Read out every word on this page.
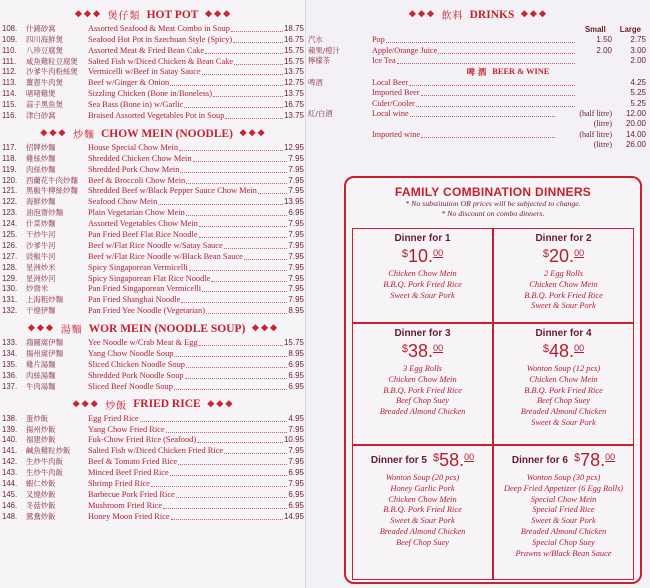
❖❖❖ 煲仔類 HOT POT ❖❖❖
108.	什錦砂窩	Assorted Seafood & Meat Combo in Soup	18.75
109.	四川海鮮煲	Seafood Hot Pot in Szechuan Style (Spicy)	16.75
110.	八珍豆腐煲	Assorted Meat & Fried Bean Cake	15.75
111.	咸魚雞粒豆腐煲	Salted Fish w/Diced Chicken & Bean Cake	15.75
112.	沙爹牛肉粉絲煲	Vermicelli w/Beef in Satay Sauce	13.75
113.	薑蔥牛肉煲	Beef w/Ginger & Onion	12.75
114.	啫啫雞煲	Sizzling Chicken (Bone in/Boneless)	13.75
115.	蒜子黑魚煲	Sea Bass (Bone in) w/Garlic	16.75
116.	津白砂窩	Braised Assorted Vegetables Pot in Soup	13.75
❖❖❖ 炒麵 CHOW MEIN (NOODLE) ❖❖❖
117.	招牌炒麵	House Special Chow Mein	12.95
118.	雞絲炒麵	Shredded Chicken Chow Mein	7.95
119.	肉絲炒麵	Shredded Pork Chow Mein	7.95
120.	西蘭花牛肉炒麵	Beef & Broccoli Chow Mein	7.95
121.	黑椒牛柳絲炒麵	Shredded Beef w/Black Pepper Sauce Chow Mein	7.95
122.	海鮮炒麵	Seafood Chow Mein	13.95
123.	油泡齋炒麵	Plain Vegetarian Chow Mein	6.95
124.	什菜炒麵	Assorted Vegetables Chow Mein	7.95
125.	干炒牛河	Pan Fried Beef Flat Rice Noodle	7.95
126.	沙爹牛河	Beef w/Flat Rice Noodle w/Satay Sauce	7.95
127.	豉椒牛河	Beef w/Flat Rice Noodle w/Black Bean Sauce	7.95
128.	星洲炒米	Spicy Singaporean Vermicelli	7.95
129.	星洲炒河	Spicy Singaporean Flat Rice Noodle	7.95
130.	炒齋米	Pan Fried Singaporean Vermicelli	7.95
131.	上海粗炒麵	Pan Fried Shanghai Noodle	7.95
132.	干燒伊麵	Pan Fried Yee Noodle (Vegetarian)	8.95
❖❖❖ 湯麵 WOR MEIN (NOODLE SOUP) ❖❖❖
133.	鴻圖窩伊麵	Yee Noodle w/Crab Meat & Egg	15.75
134.	揚州窩伊麵	Yang Chow Noodle Soup	8.95
135.	雞片湯麵	Sliced Chicken Noodle Soup	6.95
136.	肉絲湯麵	Shredded Pork Noodle Soup	6.95
137.	牛肉湯麵	Sliced Beef Noodle Soup	6.95
❖❖❖ 炒飯 FRIED RICE ❖❖❖
138.	蛋炒飯	Egg Fried Rice	4.95
139.	揚州炒飯	Yang Chow Fried Rice	7.95
140.	福建炒飯	Fuk-Chow Fried Rice (Seafood)	10.95
141.	鹹魚雞粒炒飯	Salted Fish w/Diced Chicken Fried Rice	7.95
142.	生炒牛肉飯	Beef & Tomato Fried Rice	7.95
143.	生炒牛肉飯	Minced Beef Fried Rice	6.95
144.	蝦仁炒飯	Shrimp Fried Rice	7.95
145.	叉燒炒飯	Barbecue Pork Fried Rice	6.95
146.	冬菇炒飯	Mushroom Fried Rice	6.95
148.	鴛鴦炒飯	Honey Moon Fried Rice	14.95
❖❖❖ 飲料 DRINKS ❖❖❖
Small Large
汽水	Pop	1.50	2.75
蘋果/橙汁	Apple/Orange Juice	2.00	3.00
檸檬茶	Ice Tea	2.00
啤 酒 BEER & WINE
啤酒	Local Beer	4.25
Imported Beer	5.25
Cider/Cooler	5.25
紅/白酒	Local wine	(half litre)	12.00
(litre)	20.00
Imported wine	(half litre)	14.00
(litre)	26.00
FAMILY COMBINATION DINNERS
* No substitution OR prices will be subjected to change.
* No discount on combo dinners.
Dinner for 1
$ 10. 00
Chicken Chow Mein
B.B.Q. Pork Fried Rice
Sweet & Sour Pork
Dinner for 2
$ 20. 00
2 Egg Rolls
Chicken Chow Mein
B.B.Q. Pork Fried Rice
Sweet & Sour Pork
Dinner for 3
$ 38. 00
3 Egg Rolls
Chicken Chow Mein
B.B.Q. Pork Fried Rice
Beef Chop Suey
Breaded Almond Chicken
Dinner for 4
$ 48. 00
Wonton Soup (12 pcs)
Chicken Chow Mein
B.B.Q. Pork Fried Rice
Beef Chop Suey
Breaded Almond Chicken
Sweet & Sour Pork
Dinner for 5 $ 58. 00
Wonton Soup (20 pcs)
Honey Garlic Pork
Chicken Chow Mein
B.B.Q. Pork Fried Rice
Sweet & Sour Pork
Breaded Almond Chicken
Beef Chop Suey
Dinner for 6 $ 78. 00
Wonton Soup (30 pcs)
Deep Fried Appetizer (6 Egg Rolls)
Special Chow Mein
Special Fried Rice
Sweet & Sour Pork
Breaded Almond Chicken
Special Chop Suey
Prawns w/Black Bean Sauce
